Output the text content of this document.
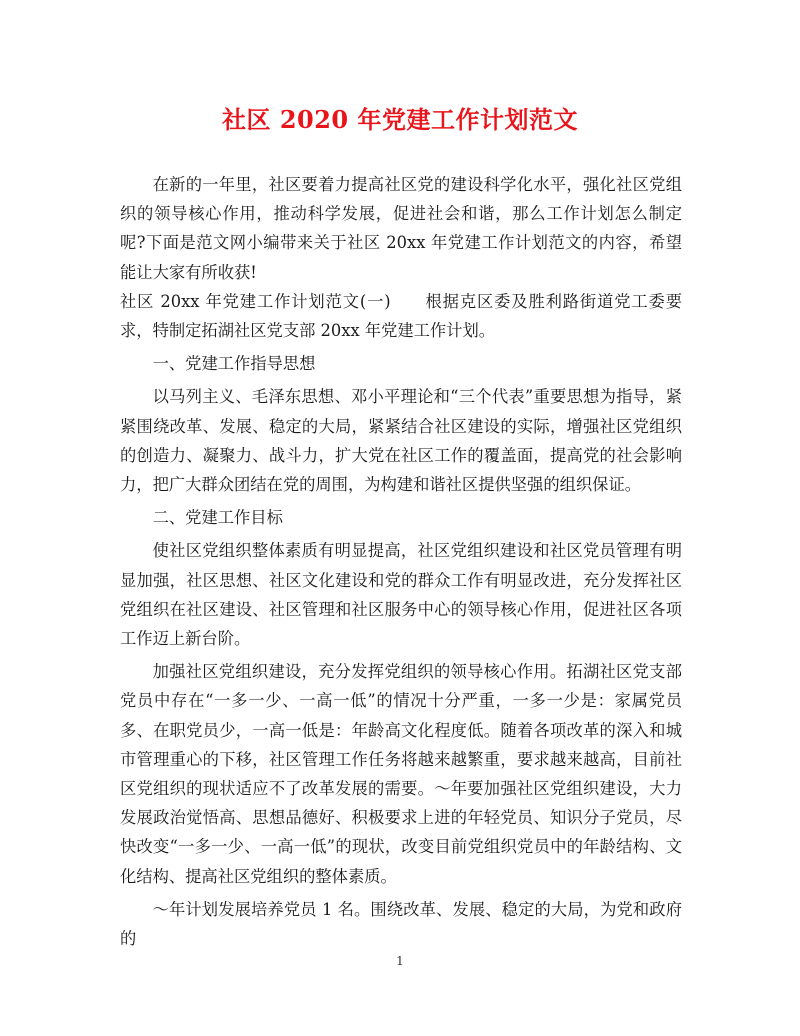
社区 2020 年党建工作计划范文

在新的一年里，社区要着力提高社区党的建设科学化水平，强化社区党组织的领导核心作用，推动科学发展，促进社会和谐，那么工作计划怎么制定呢?下面是范文网小编带来关于社区 20xx 年党建工作计划范文的内容，希望能让大家有所收获!

社区 20xx 年党建工作计划范文(一) 根据克区委及胜利路街道党工委要求，特制定拓湖社区党支部 20xx 年党建工作计划。

一、党建工作指导思想

以马列主义、毛泽东思想、邓小平理论和“三个代表”重要思想为指导，紧紧围绕改革、发展、稳定的大局，紧紧结合社区建设的实际，增强社区党组织的创造力、凝聚力、战斗力，扩大党在社区工作的覆盖面，提高党的社会影响力，把广大群众团结在党的周围，为构建和谐社区提供坚强的组织保证。

二、党建工作目标

使社区党组织整体素质有明显提高，社区党组织建设和社区党员管理有明显加强，社区思想、社区文化建设和党的群众工作有明显改进，充分发挥社区党组织在社区建设、社区管理和社区服务中心的领导核心作用，促进社区各项工作迈上新台阶。

加强社区党组织建设，充分发挥党组织的领导核心作用。拓湖社区党支部党员中存在“一多一少、一高一低”的情况十分严重，一多一少是：家属党员多、在职党员少，一高一低是：年龄高文化程度低。随着各项改革的深入和城市管理重心的下移，社区管理工作任务将越来越繁重，要求越来越高，目前社区党组织的现状适应不了改革发展的需要。～年要加强社区党组织建设，大力发展政治觉悟高、思想品德好、积极要求上进的年轻党员、知识分子党员，尽快改变“一多一少、一高一低”的现状，改变目前党组织党员中的年龄结构、文化结构、提高社区党组织的整体素质。

～年计划发展培养党员 1 名。围绕改革、发展、稳定的大局，为党和政府的

1
